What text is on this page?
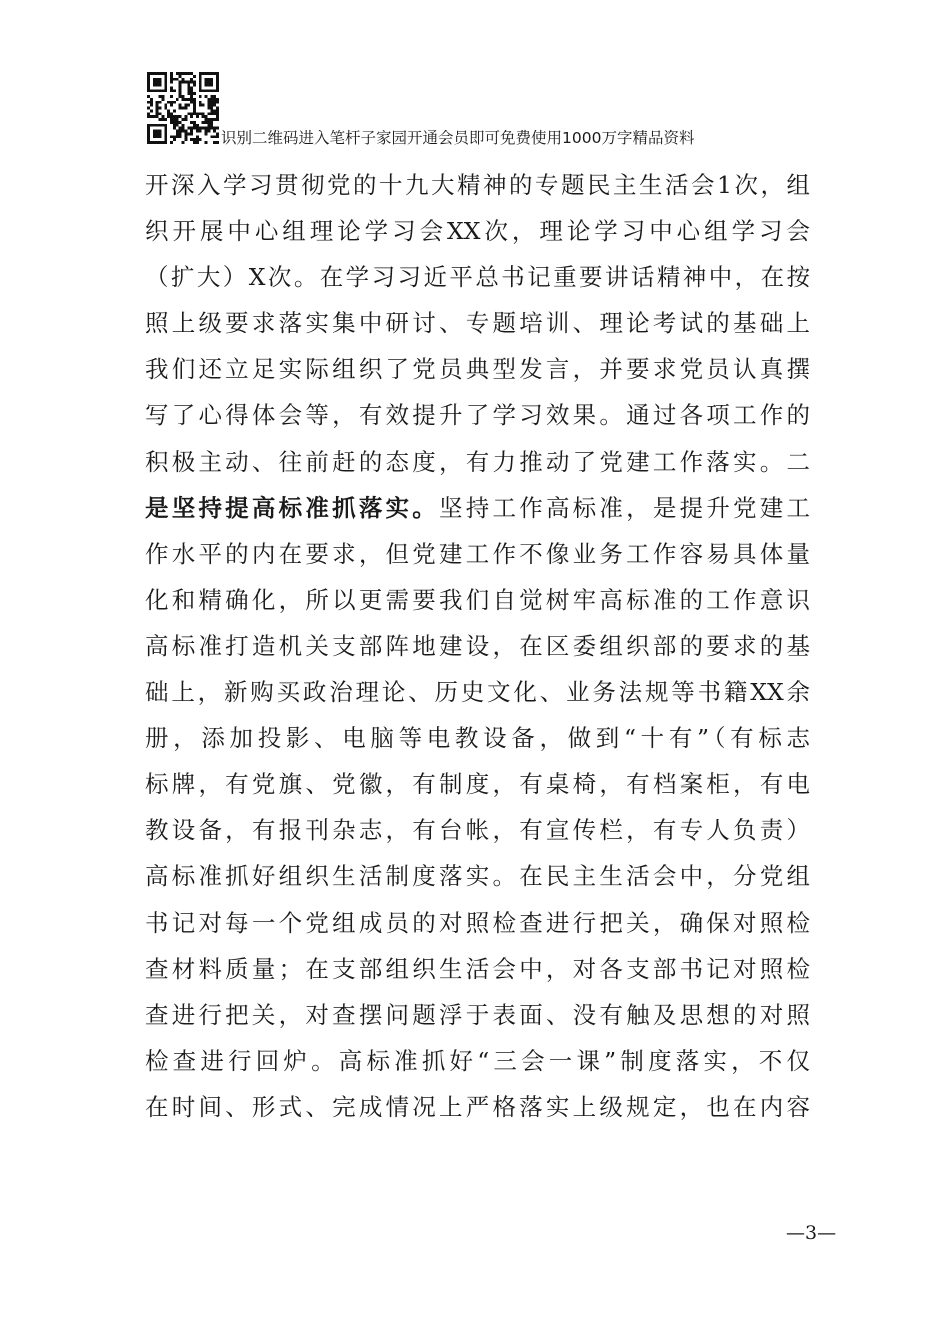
识别二维码进入笔杆子家园开通会员即可免费使用1000万字精品资料
开深入学习贯彻党的十九大精神的专题民主生活会1次，组
织开展中心组理论学习会XX次，理论学习中心组学习会
（扩大）X次。在学习习近平总书记重要讲话精神中，在按
照上级要求落实集中研讨、专题培训、理论考试的基础上
我们还立足实际组织了党员典型发言，并要求党员认真撰
写了心得体会等，有效提升了学习效果。通过各项工作的
积极主动、往前赶的态度，有力推动了党建工作落实。二
是坚持提高标准抓落实。坚持工作高标准，是提升党建工
作水平的内在要求，但党建工作不像业务工作容易具体量
化和精确化，所以更需要我们自觉树牢高标准的工作意识
高标准打造机关支部阵地建设，在区委组织部的要求的基
础上，新购买政治理论、历史文化、业务法规等书籍XX余
册，添加投影、电脑等电教设备，做到“十有”（有标志
标牌，有党旗、党徽，有制度，有桌椅，有档案柜，有电
教设备，有报刊杂志，有台帐，有宣传栏，有专人负责）
高标准抓好组织生活制度落实。在民主生活会中，分党组
书记对每一个党组成员的对照检查进行把关，确保对照检
查材料质量；在支部组织生活会中，对各支部书记对照检
查进行把关，对查摆问题浮于表面、没有触及思想的对照
检查进行回炉。高标准抓好“三会一课”制度落实，不仅
在时间、形式、完成情况上严格落实上级规定，也在内容
—3—
